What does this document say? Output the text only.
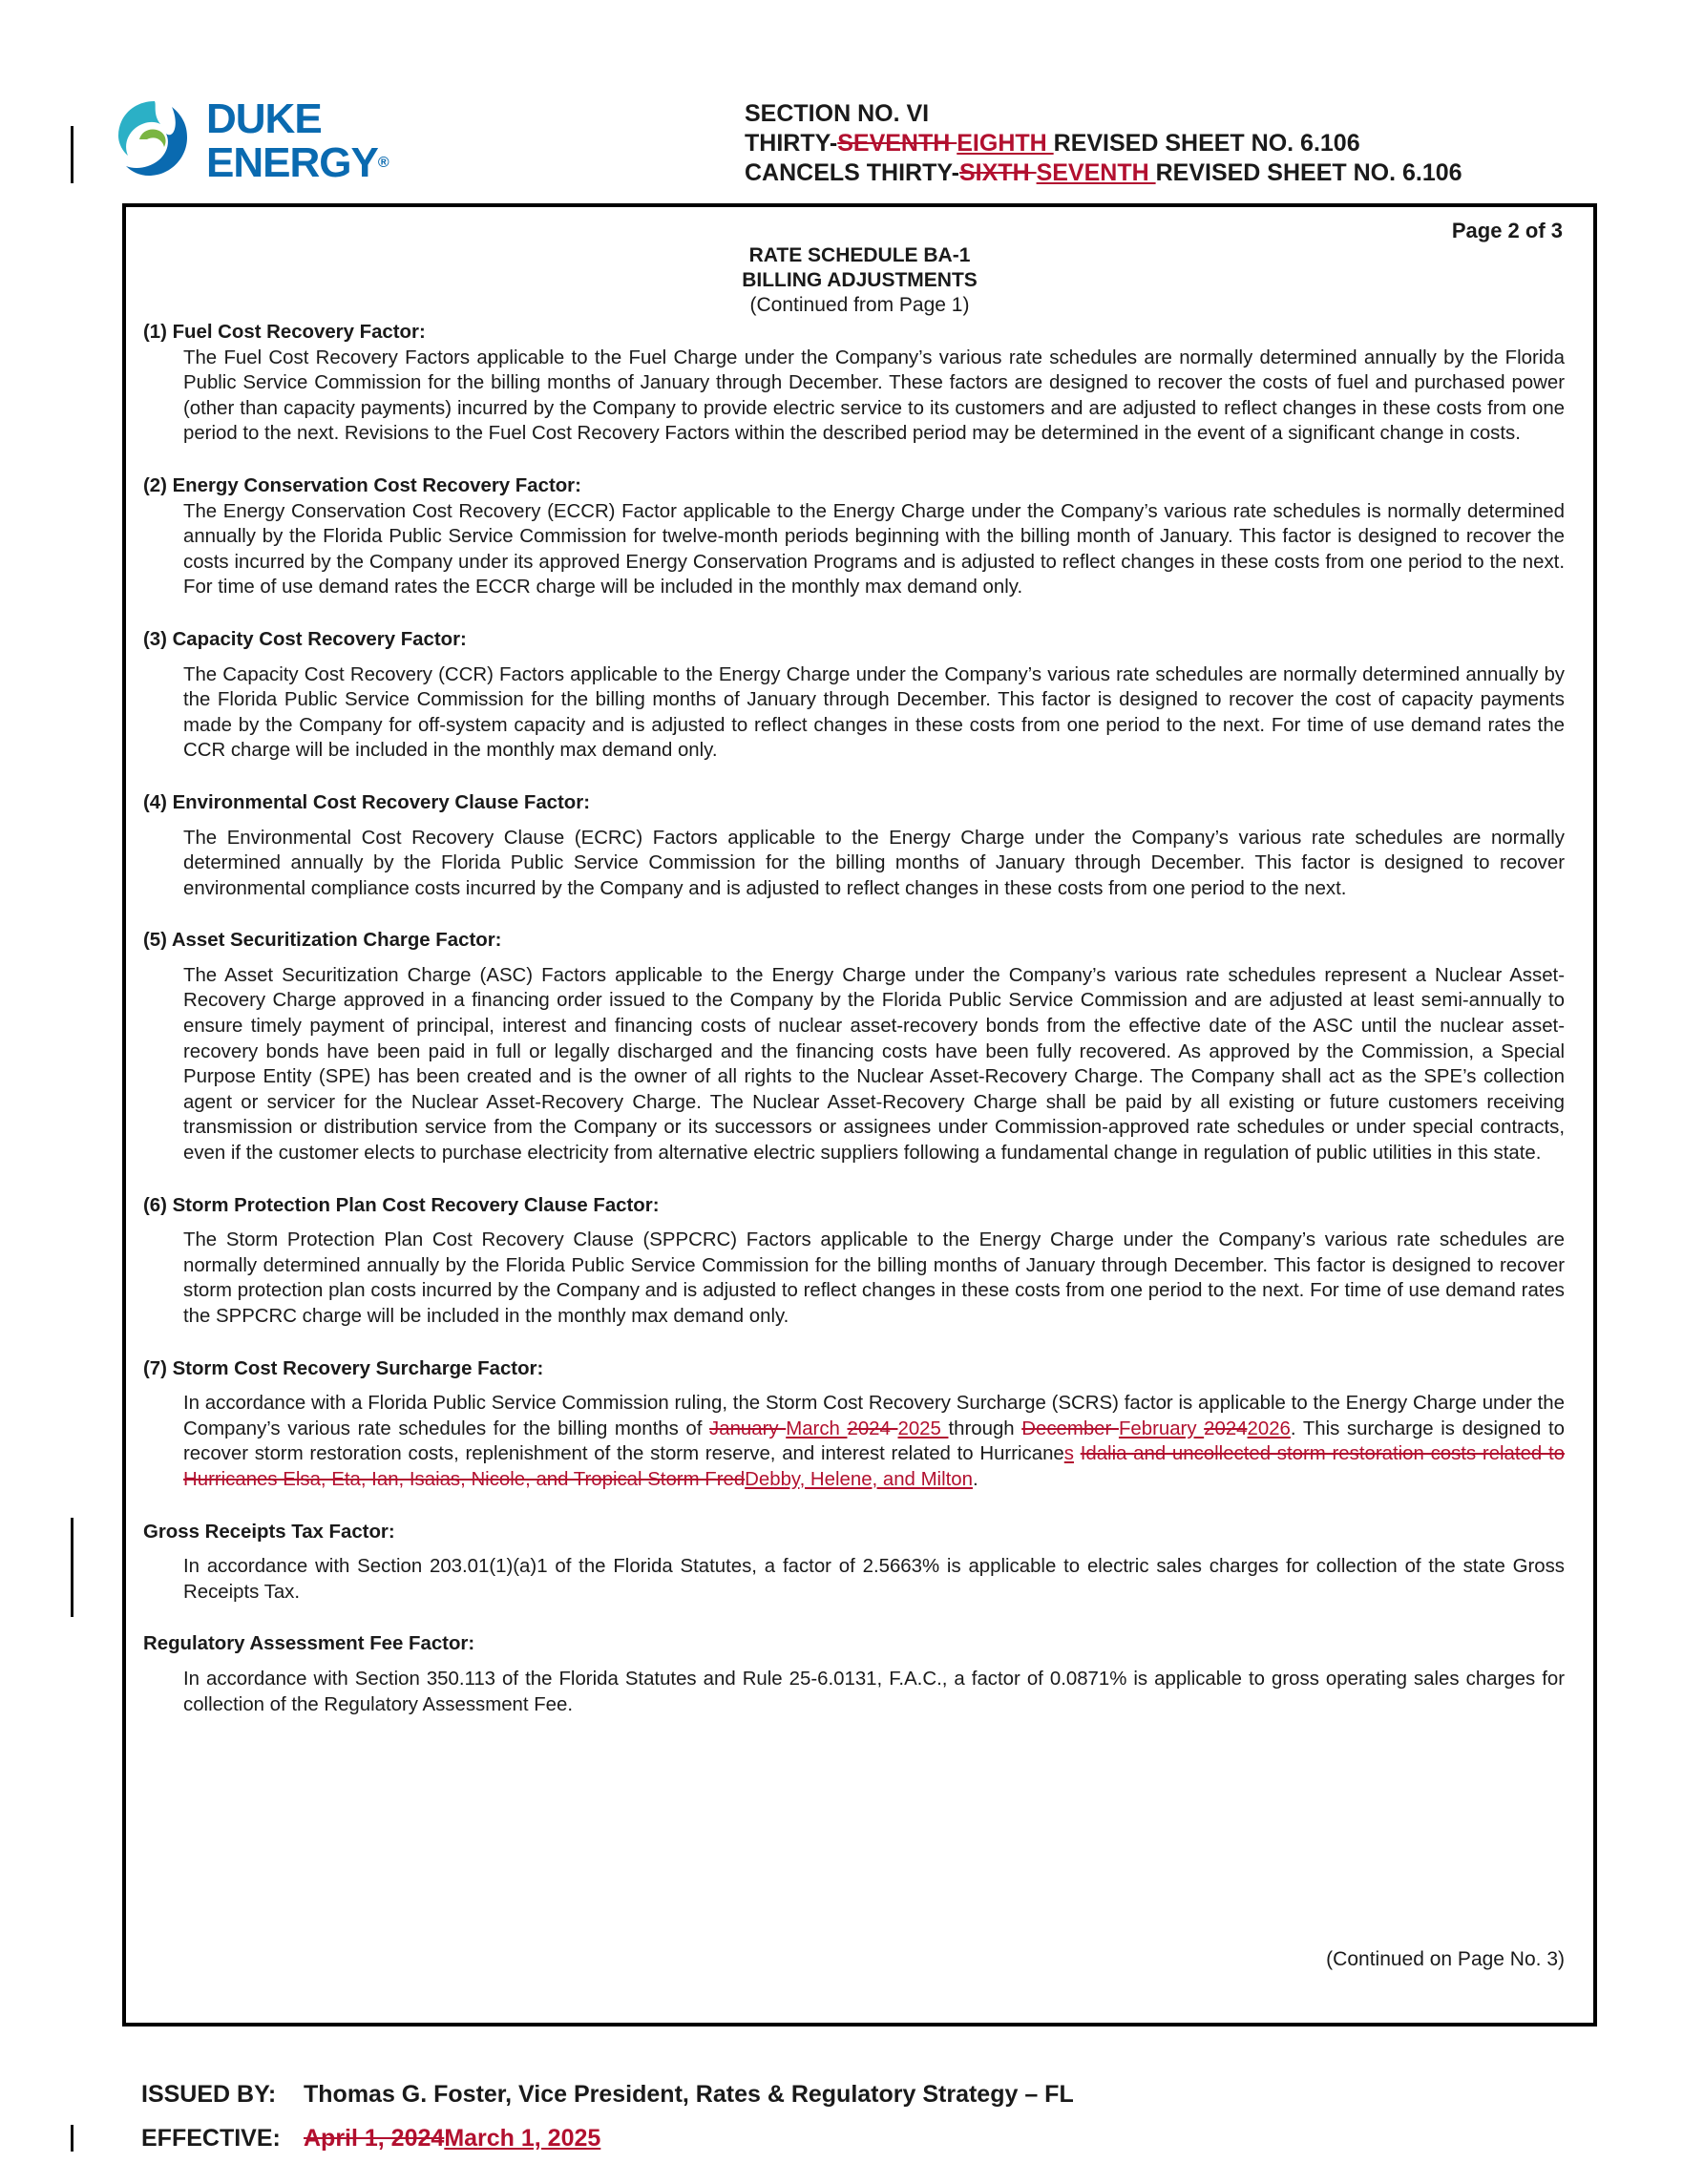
DUKE
ENERGY®
SECTION NO. VI
THIRTY-SEVENTH EIGHTH REVISED SHEET NO. 6.106
CANCELS THIRTY-SIXTH SEVENTH REVISED SHEET NO. 6.106
Page 2 of 3
RATE SCHEDULE BA-1
BILLING ADJUSTMENTS
(Continued from Page 1)
(1) Fuel Cost Recovery Factor:

The Fuel Cost Recovery Factors applicable to the Fuel Charge under the Company’s various rate schedules are normally determined annually by the Florida Public Service Commission for the billing months of January through December. These factors are designed to recover the costs of fuel and purchased power (other than capacity payments) incurred by the Company to provide electric service to its customers and are adjusted to reflect changes in these costs from one period to the next. Revisions to the Fuel Cost Recovery Factors within the described period may be determined in the event of a significant change in costs.

(2) Energy Conservation Cost Recovery Factor:

The Energy Conservation Cost Recovery (ECCR) Factor applicable to the Energy Charge under the Company’s various rate schedules is normally determined annually by the Florida Public Service Commission for twelve-month periods beginning with the billing month of January. This factor is designed to recover the costs incurred by the Company under its approved Energy Conservation Programs and is adjusted to reflect changes in these costs from one period to the next. For time of use demand rates the ECCR charge will be included in the monthly max demand only.

(3) Capacity Cost Recovery Factor:

The Capacity Cost Recovery (CCR) Factors applicable to the Energy Charge under the Company’s various rate schedules are normally determined annually by the Florida Public Service Commission for the billing months of January through December. This factor is designed to recover the cost of capacity payments made by the Company for off-system capacity and is adjusted to reflect changes in these costs from one period to the next. For time of use demand rates the CCR charge will be included in the monthly max demand only.

(4) Environmental Cost Recovery Clause Factor:

The Environmental Cost Recovery Clause (ECRC) Factors applicable to the Energy Charge under the Company’s various rate schedules are normally determined annually by the Florida Public Service Commission for the billing months of January through December. This factor is designed to recover environmental compliance costs incurred by the Company and is adjusted to reflect changes in these costs from one period to the next.

(5) Asset Securitization Charge Factor:

The Asset Securitization Charge (ASC) Factors applicable to the Energy Charge under the Company’s various rate schedules represent a Nuclear Asset-Recovery Charge approved in a financing order issued to the Company by the Florida Public Service Commission and are adjusted at least semi-annually to ensure timely payment of principal, interest and financing costs of nuclear asset-recovery bonds from the effective date of the ASC until the nuclear asset-recovery bonds have been paid in full or legally discharged and the financing costs have been fully recovered. As approved by the Commission, a Special Purpose Entity (SPE) has been created and is the owner of all rights to the Nuclear Asset-Recovery Charge. The Company shall act as the SPE’s collection agent or servicer for the Nuclear Asset-Recovery Charge. The Nuclear Asset-Recovery Charge shall be paid by all existing or future customers receiving transmission or distribution service from the Company or its successors or assignees under Commission-approved rate schedules or under special contracts, even if the customer elects to purchase electricity from alternative electric suppliers following a fundamental change in regulation of public utilities in this state.

(6) Storm Protection Plan Cost Recovery Clause Factor:

The Storm Protection Plan Cost Recovery Clause (SPPCRC) Factors applicable to the Energy Charge under the Company’s various rate schedules are normally determined annually by the Florida Public Service Commission for the billing months of January through December. This factor is designed to recover storm protection plan costs incurred by the Company and is adjusted to reflect changes in these costs from one period to the next. For time of use demand rates the SPPCRC charge will be included in the monthly max demand only.

(7) Storm Cost Recovery Surcharge Factor:

In accordance with a Florida Public Service Commission ruling, the Storm Cost Recovery Surcharge (SCRS) factor is applicable to the Energy Charge under the Company’s various rate schedules for the billing months of January March 2024 2025 through December February 20242026. This surcharge is designed to recover storm restoration costs, replenishment of the storm reserve, and interest related to Hurricanes Idalia and uncollected storm restoration costs related to Hurricanes Elsa, Eta, Ian, Isaias, Nicole, and Tropical Storm FredDebby, Helene, and Milton.

Gross Receipts Tax Factor:

In accordance with Section 203.01(1)(a)1 of the Florida Statutes, a factor of 2.5663% is applicable to electric sales charges for collection of the state Gross Receipts Tax.

Regulatory Assessment Fee Factor:

In accordance with Section 350.113 of the Florida Statutes and Rule 25-6.0131, F.A.C., a factor of 0.0871% is applicable to gross operating sales charges for collection of the Regulatory Assessment Fee.

(Continued on Page No. 3)
ISSUED BY: Thomas G. Foster, Vice President, Rates & Regulatory Strategy – FL
EFFECTIVE: April 1, 2024March 1, 2025
